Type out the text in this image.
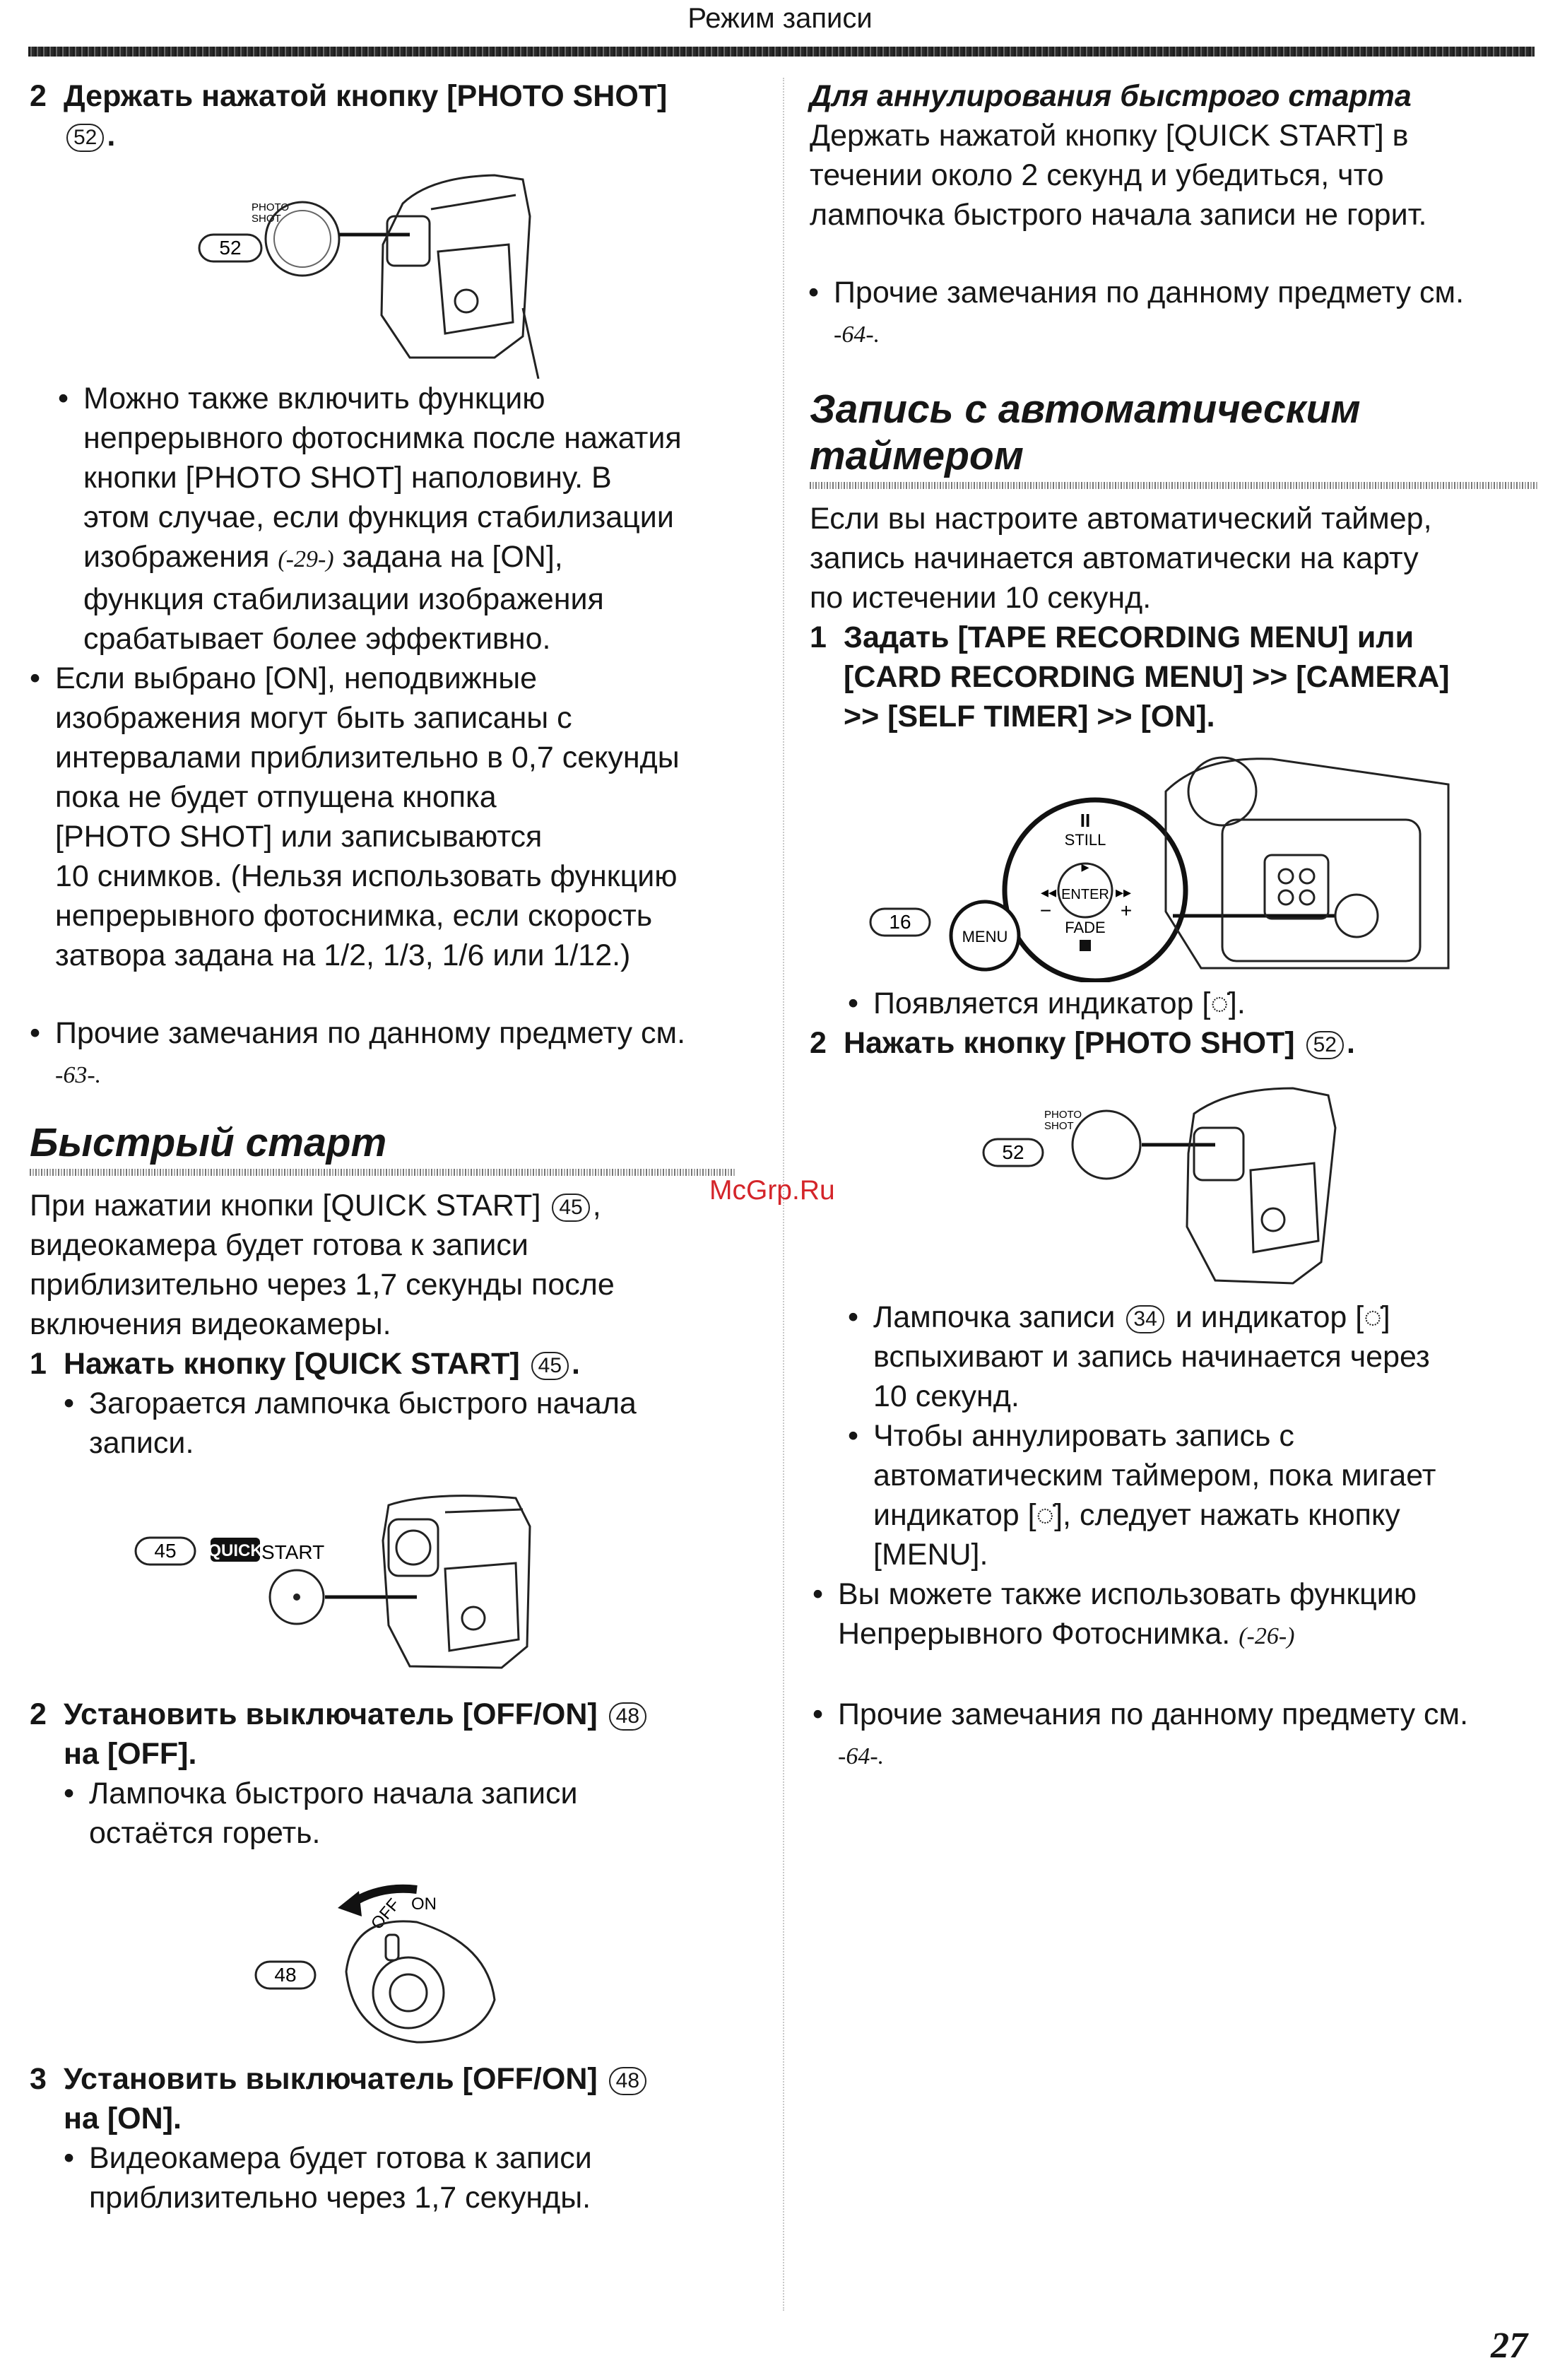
Режим записи
2 Держать нажатой кнопку [PHOTO SHOT]
52 .
52
PHOTO
SHOT
• Можно также включить функцию
непрерывного фотоснимка после нажатия
кнопки [PHOTO SHOT] наполовину. В
этом случае, если функция стабилизации
изображения (-29-) задана на [ON],
функция стабилизации изображения
срабатывает более эффективно.
• Если выбрано [ON], неподвижные
изображения могут быть записаны с
интервалами приблизительно в 0,7 секунды
пока не будет отпущена кнопка
[PHOTO SHOT] или записываются
10 снимков. (Нельзя использовать функцию
непрерывного фотоснимка, если скорость
затвора задана на 1/2, 1/3, 1/6 или 1/12.)
• Прочие замечания по данному предмету см.
-63-.

Быстрый старт

При нажатии кнопки [QUICK START] 45 ,
видеокамера будет готова к записи
приблизительно через 1,7 секунды после
включения видеокамеры.

1 Нажать кнопку [QUICK START] 45 .
• Загорается лампочка быстрого начала
записи.
45 QUICK
START
2 Установить выключатель [OFF/ON] 48
на [OFF].
• Лампочка быстрого начала записи
остаётся гореть.
48
OFF ON
3 Установить выключатель [OFF/ON] 48
на [ON].
• Видеокамера будет готова к записи
приблизительно через 1,7 секунды.
Для аннулирования быстрого старта

Держать нажатой кнопку [QUICK START] в
течении около 2 секунд и убедиться, что
лампочка быстрого начала записи не горит.

• Прочие замечания по данному предмету см.
-64-.

Запись с автоматическим
таймером

Если вы настроите автоматический таймер,
запись начинается автоматически на карту
по истечении 10 секунд.

1 Задать [TAPE RECORDING MENU] или
[CARD RECORDING MENU] >> [CAMERA]
>> [SELF TIMER] >> [ON].
16
MENU
STILL
II
ENTER
◂◂	▸▸
▸
−	+
FADE
• Появляется индикатор [◌̇].
2 Нажать кнопку [PHOTO SHOT] 52 .
52
PHOTO
SHOT
• Лампочка записи 34 и индикатор [◌̇]
вспыхивают и запись начинается через
10 секунд.
• Чтобы аннулировать запись с
автоматическим таймером, пока мигает
индикатор [◌̇], следует нажать кнопку
[MENU].
• Вы можете также использовать функцию
Непрерывного Фотоснимка. (-26-)
• Прочие замечания по данному предмету см.
-64-.
McGrp.Ru
27
